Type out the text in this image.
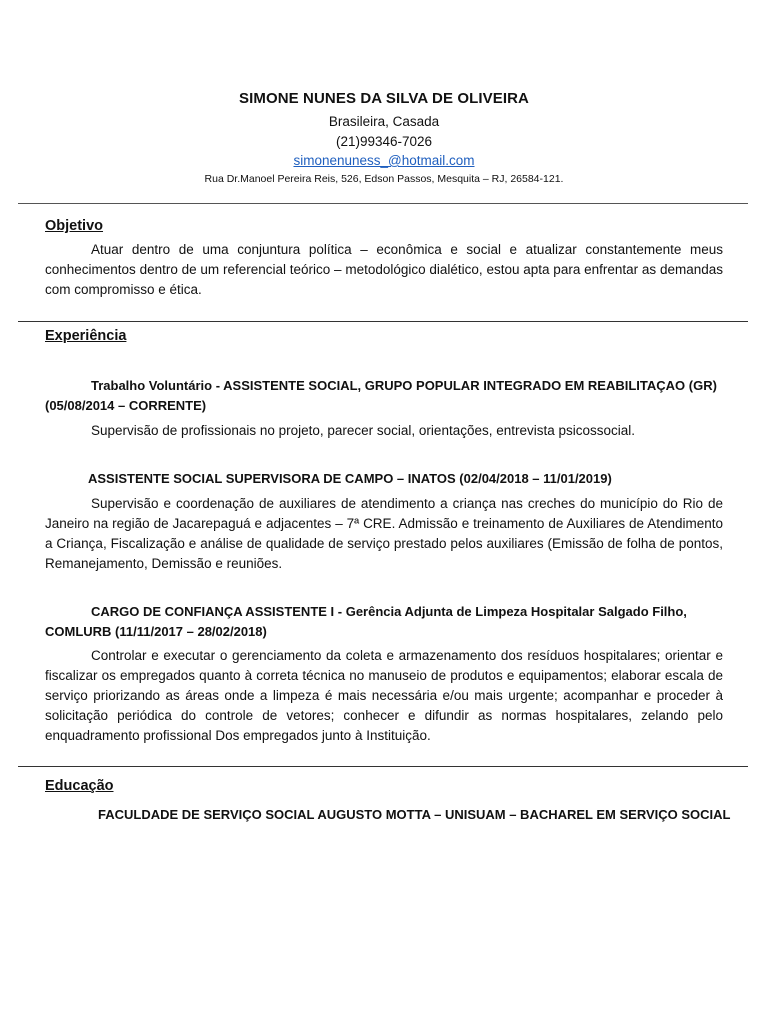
SIMONE NUNES DA SILVA DE OLIVEIRA
Brasileira, Casada
(21)99346-7026
simonenuness_@hotmail.com
Rua Dr.Manoel Pereira Reis, 526, Edson Passos, Mesquita – RJ, 26584-121.
Objetivo
Atuar dentro de uma conjuntura política – econômica e social e atualizar constantemente meus conhecimentos dentro de um referencial teórico – metodológico dialético, estou apta para enfrentar as demandas com compromisso e ética.
Experiência
Trabalho Voluntário - ASSISTENTE SOCIAL, GRUPO POPULAR INTEGRADO EM REABILITAÇAO (GR) (05/08/2014 – CORRENTE)
Supervisão de profissionais no projeto, parecer social, orientações, entrevista psicossocial.
ASSISTENTE SOCIAL SUPERVISORA DE CAMPO – INATOS (02/04/2018 – 11/01/2019)
Supervisão e coordenação de auxiliares de atendimento a criança nas creches do município do Rio de Janeiro na região de Jacarepaguá e adjacentes – 7ª CRE. Admissão e treinamento de Auxiliares de Atendimento a Criança, Fiscalização e análise de qualidade de serviço prestado pelos auxiliares (Emissão de folha de pontos, Remanejamento, Demissão e reuniões.
CARGO DE CONFIANÇA ASSISTENTE I - Gerência Adjunta de Limpeza Hospitalar Salgado Filho, COMLURB (11/11/2017 – 28/02/2018)
Controlar e executar o gerenciamento da coleta e armazenamento dos resíduos hospitalares; orientar e fiscalizar os empregados quanto à correta técnica no manuseio de produtos e equipamentos; elaborar escala de serviço priorizando as áreas onde a limpeza é mais necessária e/ou mais urgente; acompanhar e proceder à solicitação periódica do controle de vetores; conhecer e difundir as normas hospitalares, zelando pelo enquadramento profissional Dos empregados junto à Instituição.
Educação
FACULDADE DE SERVIÇO SOCIAL AUGUSTO MOTTA – UNISUAM – BACHAREL EM SERVIÇO SOCIAL
